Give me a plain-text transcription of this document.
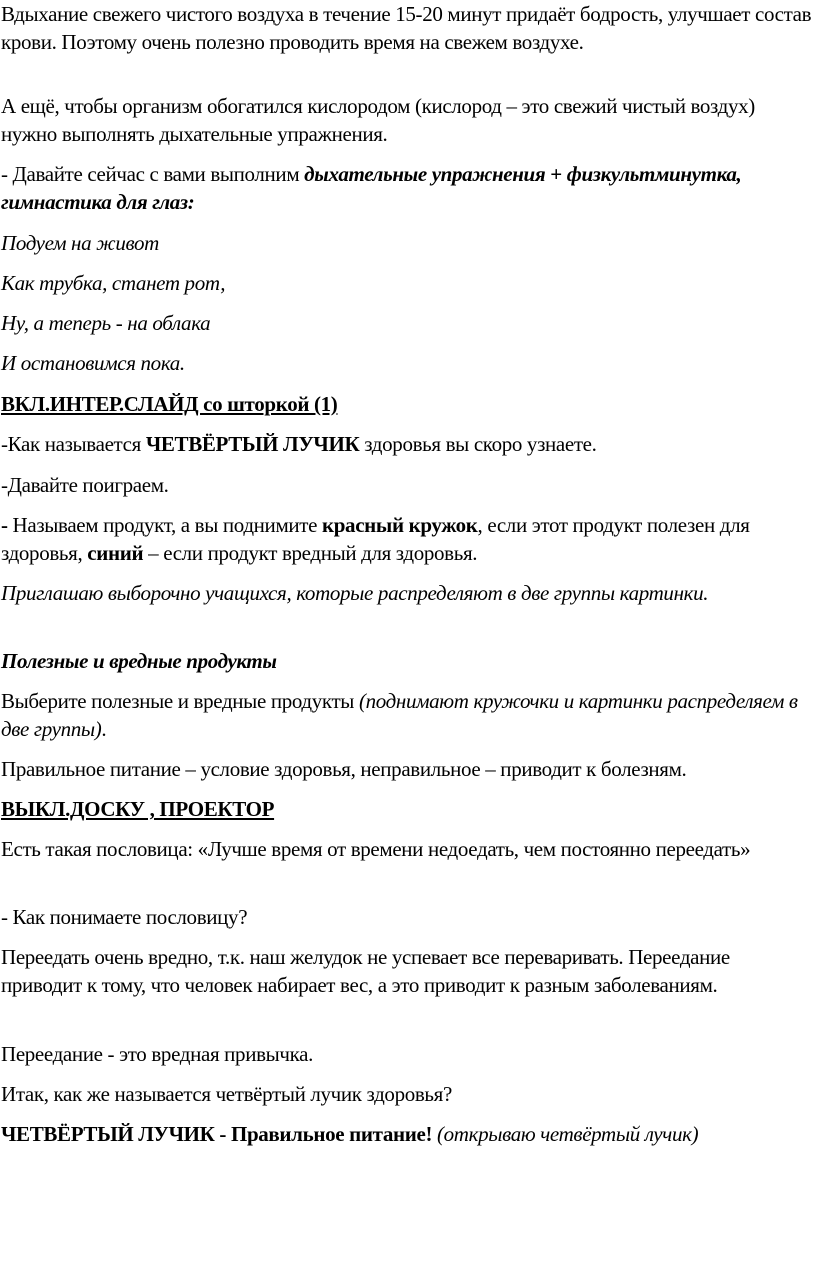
Вдыхание свежего чистого воздуха в течение 15-20 минут придаёт бодрость, улучшает состав крови. Поэтому очень полезно проводить время на свежем воздухе.

А ещё, чтобы организм обогатился кислородом (кислород – это свежий чистый воздух) нужно выполнять дыхательные упражнения.

- Давайте сейчас с вами выполним дыхательные упражнения + физкультминутка, гимнастика для глаз:

Подуем на живот

Как трубка, станет рот,

Ну, а теперь - на облака

И остановимся пока.

ВКЛ.ИНТЕР.СЛАЙД со шторкой (1)

-Как называется ЧЕТВЁРТЫЙ ЛУЧИК здоровья вы скоро узнаете.

-Давайте поиграем.

- Называем продукт, а вы поднимите красный кружок, если этот продукт полезен для здоровья, синий – если продукт вредный для здоровья.

Приглашаю выборочно учащихся, которые распределяют в две группы картинки.

Полезные и вредные продукты

Выберите полезные и вредные продукты (поднимают кружочки и картинки распределяем в две группы).

Правильное питание – условие здоровья, неправильное – приводит к болезням.

ВЫКЛ.ДОСКУ , ПРОЕКТОР

Есть такая пословица: «Лучше время от времени недоедать, чем постоянно переедать»

- Как понимаете пословицу?

Переедать очень вредно, т.к. наш желудок не успевает все переваривать. Переедание приводит к тому, что человек набирает вес, а это приводит к разным заболеваниям.

Переедание - это вредная привычка.

Итак, как же называется четвёртый лучик здоровья?

ЧЕТВЁРТЫЙ ЛУЧИК - Правильное питание! (открываю четвёртый лучик)
